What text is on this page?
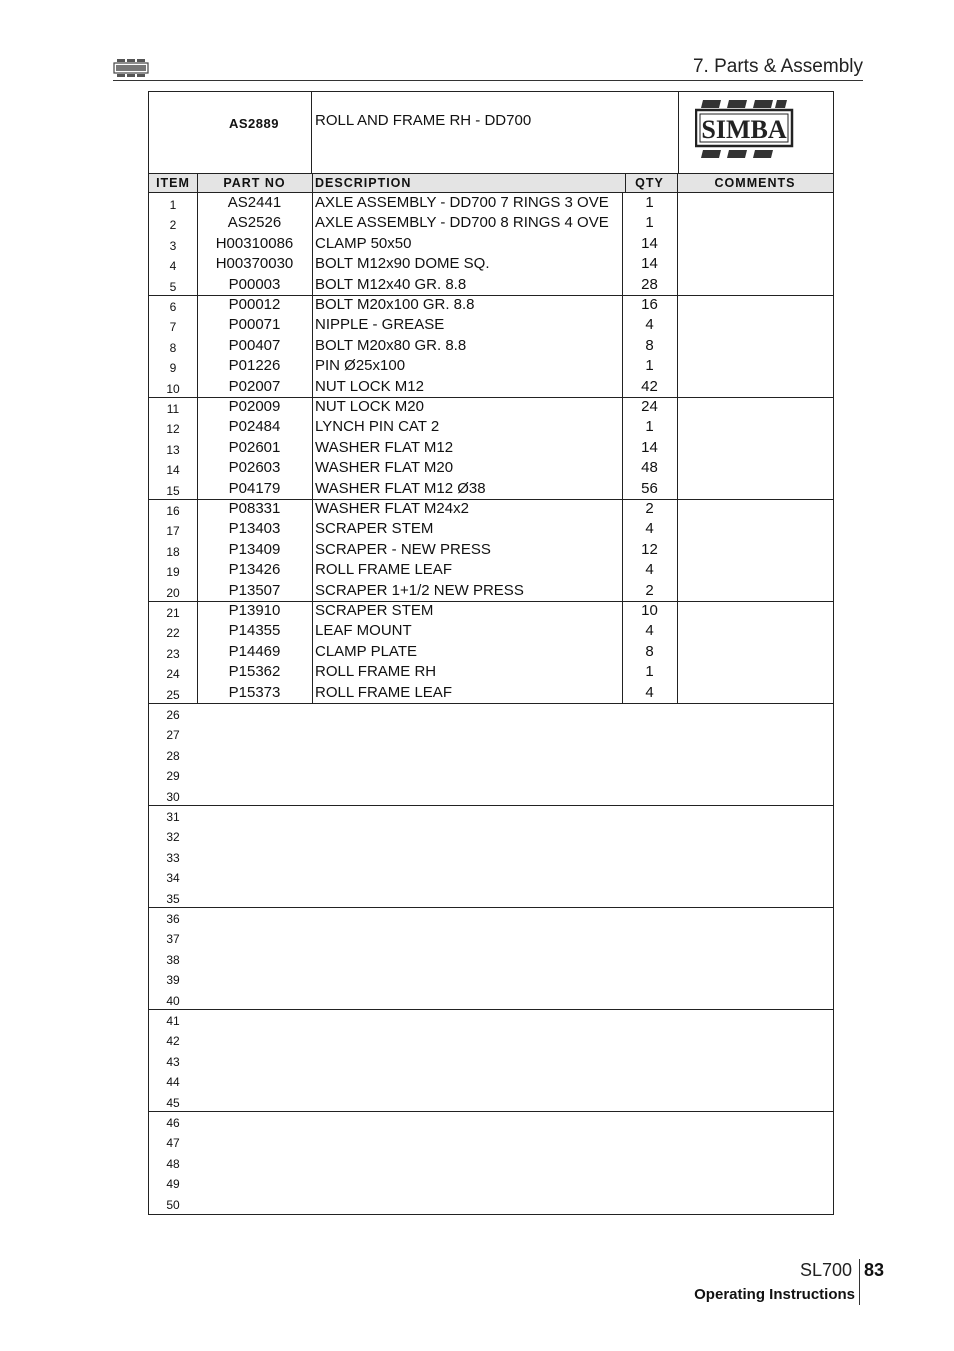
7. Parts & Assembly
AS2889	ROLL AND FRAME RH - DD700	SIMBA
ITEM	PART NO	DESCRIPTION	QTY	COMMENTS
1	AS2441	AXLE ASSEMBLY - DD700 7 RINGS 3 OVE	1
2	AS2526	AXLE ASSEMBLY - DD700 8 RINGS 4 OVE	1
3	H00310086	CLAMP 50x50	14
4	H00370030	BOLT M12x90 DOME SQ.	14
5	P00003	BOLT M12x40 GR. 8.8	28
6	P00012	BOLT M20x100 GR. 8.8	16
7	P00071	NIPPLE - GREASE	4
8	P00407	BOLT M20x80 GR. 8.8	8
9	P01226	PIN Ø25x100	1
10	P02007	NUT LOCK M12	42
11	P02009	NUT LOCK M20	24
12	P02484	LYNCH PIN CAT 2	1
13	P02601	WASHER FLAT M12	14
14	P02603	WASHER FLAT M20	48
15	P04179	WASHER FLAT M12 Ø38	56
16	P08331	WASHER FLAT M24x2	2
17	P13403	SCRAPER STEM	4
18	P13409	SCRAPER - NEW PRESS	12
19	P13426	ROLL FRAME LEAF	4
20	P13507	SCRAPER 1+1/2 NEW PRESS	2
21	P13910	SCRAPER STEM	10
22	P14355	LEAF MOUNT	4
23	P14469	CLAMP PLATE	8
24	P15362	ROLL FRAME RH	1
25	P15373	ROLL FRAME LEAF	4
26
27
28
29
30
31
32
33
34
35
36
37
38
39
40
41
42
43
44
45
46
47
48
49
50
SL700 83
Operating Instructions
